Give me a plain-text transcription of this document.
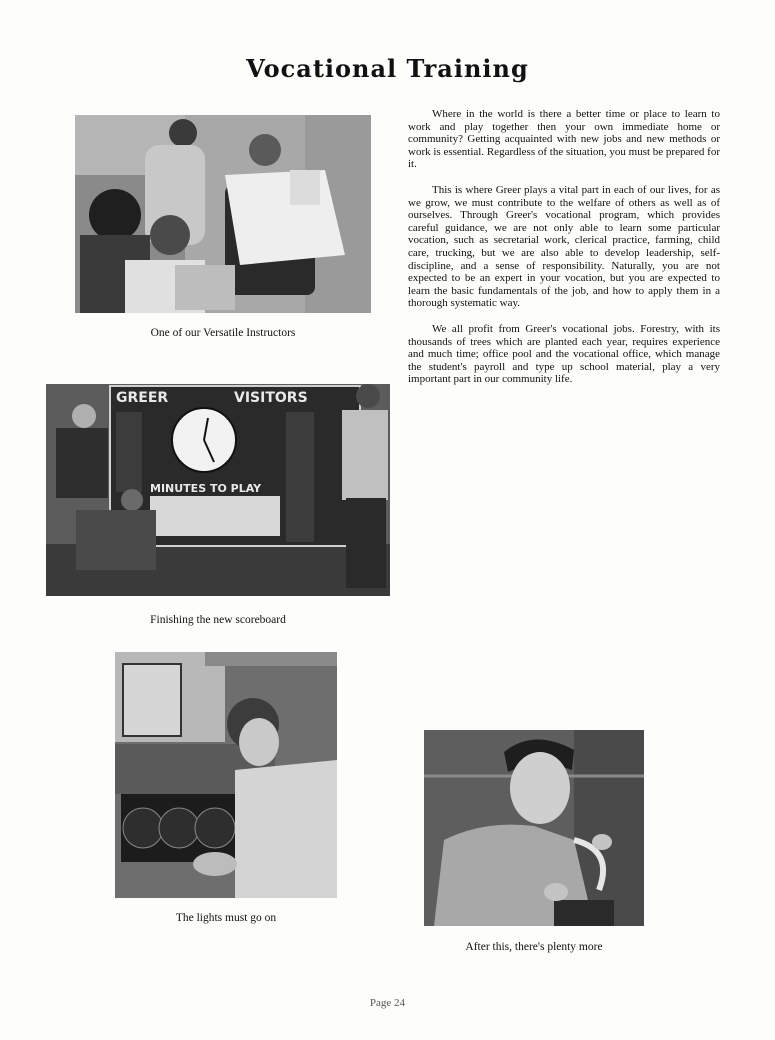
Vocational Training
One of our Versatile Instructors
GREER	VISITORS
MINUTES TO PLAY
Finishing the new scoreboard
The lights must go on
After this, there's plenty more

Where in the world is there a better time or place to learn to work and play together then your own immediate home or community? Getting acquainted with new jobs and new methods or work is essential. Regardless of the situation, you must be prepared for it.

This is where Greer plays a vital part in each of our lives, for as we grow, we must contribute to the welfare of others as well as of ourselves. Through Greer's vocational program, which provides careful guidance, we are not only able to learn some particular vocation, such as secretarial work, clerical practice, farming, child care, trucking, but we are also able to develop leadership, self-discipline, and a sense of responsibility. Naturally, you are not expected to be an expert in your vocation, but you are expected to learn the basic fundamentals of the job, and how to apply them in a thorough systematic way.

We all profit from Greer's vocational jobs. Forestry, with its thousands of trees which are planted each year, requires experience and much time; office pool and the vocational office, which manage the student's payroll and type up school material, play a very important part in our community life.

Page 24
